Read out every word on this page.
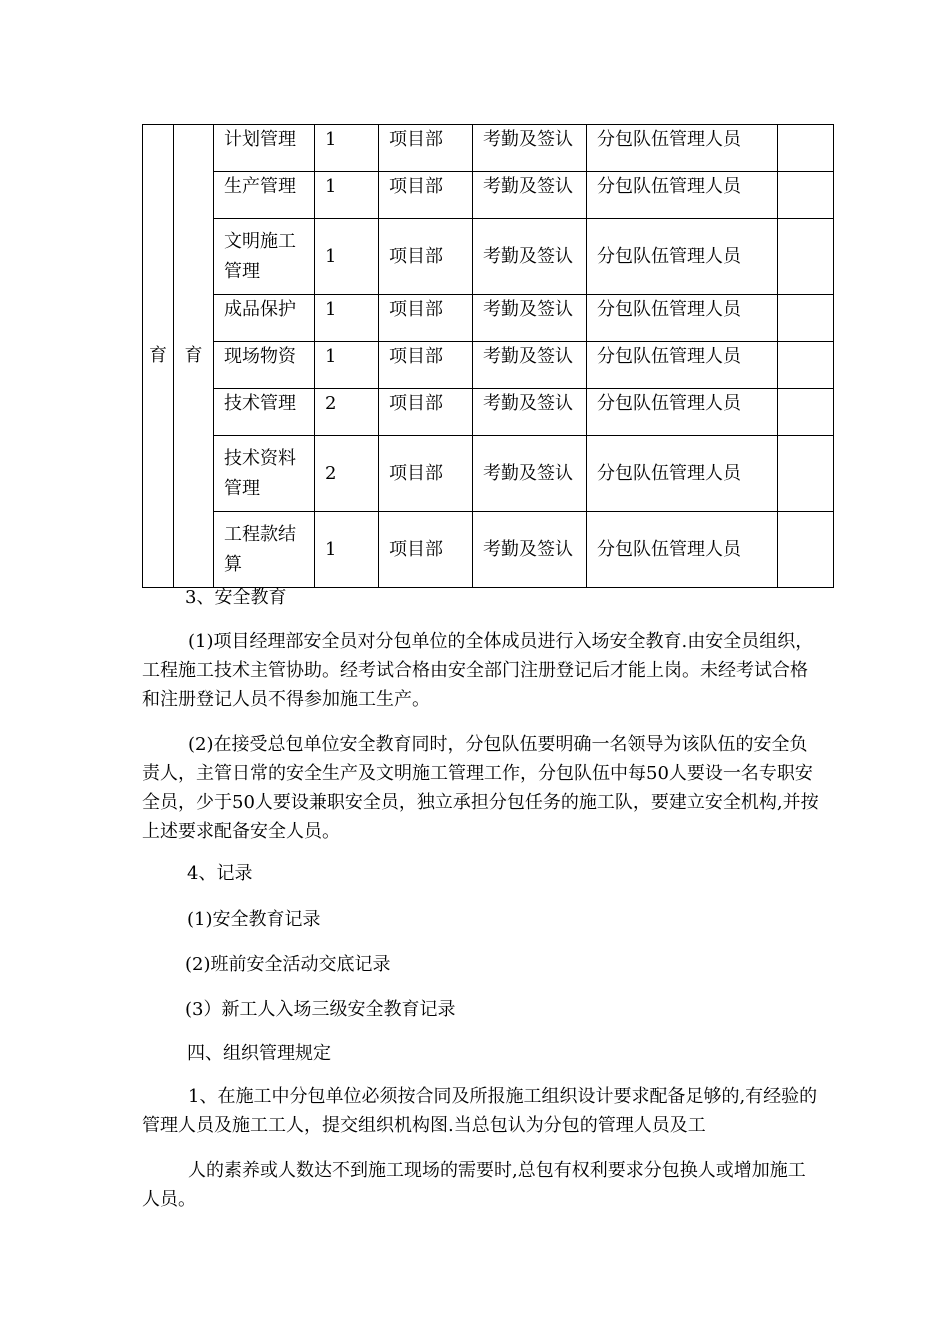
育	育	计划管理	1	项目部	考勤及签认	分包队伍管理人员	
		生产管理	1	项目部	考勤及签认	分包队伍管理人员	
		文明施工管理	1	项目部	考勤及签认	分包队伍管理人员	
		成品保护	1	项目部	考勤及签认	分包队伍管理人员	
		现场物资	1	项目部	考勤及签认	分包队伍管理人员	
		技术管理	2	项目部	考勤及签认	分包队伍管理人员	
		技术资料管理	2	项目部	考勤及签认	分包队伍管理人员	
		工程款结算	1	项目部	考勤及签认	分包队伍管理人员	
3、安全教育
(1)项目经理部安全员对分包单位的全体成员进行入场安全教育.由安全员组织，工程施工技术主管协助。经考试合格由安全部门注册登记后才能上岗。未经考试合格和注册登记人员不得参加施工生产。
(2)在接受总包单位安全教育同时，分包队伍要明确一名领导为该队伍的安全负责人，主管日常的安全生产及文明施工管理工作，分包队伍中每50人要设一名专职安全员，少于50人要设兼职安全员，独立承担分包任务的施工队，要建立安全机构,并按上述要求配备安全人员。
4、记录
(1)安全教育记录
(2)班前安全活动交底记录
(3）新工人入场三级安全教育记录
四、组织管理规定
1、在施工中分包单位必须按合同及所报施工组织设计要求配备足够的,有经验的管理人员及施工工人，提交组织机构图.当总包认为分包的管理人员及工
人的素养或人数达不到施工现场的需要时,总包有权利要求分包换人或增加施工人员。
